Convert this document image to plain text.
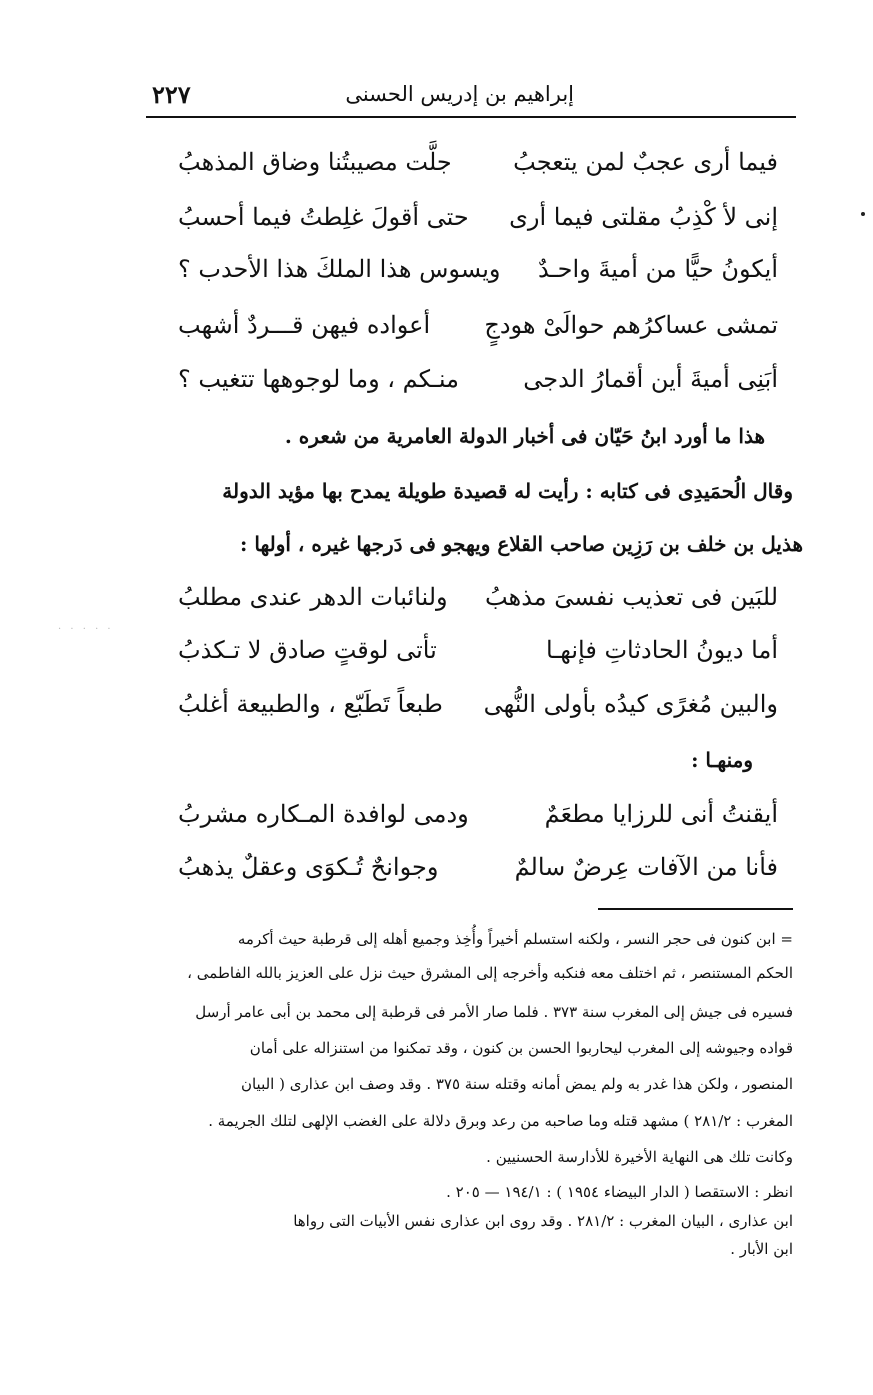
إبراهيم بن إدريس الحسنى
٢٢٧
فيما أرى عجبٌ لمن يتعجبُ
جلَّت مصيبتُنا وضاق المذهبُ
إنى لأ كْذِبُ مقلتى فيما أرى
حتى أقولَ غلِطتُ فيما أحسبُ
أيكونُ حيًّا من أميةَ واحـدٌ
ويسوس هذا الملكَ هذا الأحدب ؟
تمشى عساكرُهم حوالَىْ هودجٍ
أعواده فيهن قـــردٌ أشهب
أبَنِى أميةَ أين أقمارُ الدجى
منـكم ، وما لوجوهها تتغيب ؟
هذا ما أورد ابنُ حَيّان فى أخبار الدولة العامرية من شعره .
وقال الُحمَيدِى فى كتابه : رأيت له قصيدة طويلة يمدح بها مؤيد الدولة
هذيل بن خلف بن رَزِين صاحب القلاع ويهجو فى دَرجها غيره ، أولها :
للبَين فى تعذيب نفسىَ مذهبُ
ولنائبات الدهر عندى مطلبُ
أما ديونُ الحادثاتِ فإنهـا
تأتى لوقتٍ صادق لا تـكذبُ
والبين مُغرًى كيدُه بأولى النُّهى
طبعاً تَطَبّع ، والطبيعة أغلبُ
ومنهـا :
أيقنتُ أنى للرزايا مطعَمٌ
ودمى لوافدة المـكاره مشربُ
فأنا من الآفات عِرضٌ سالمٌ
وجوانحٌ تُـكوَى وعقلٌ يذهبُ
= ابن كنون فى حجر النسر ، ولكنه استسلم أخيراً وأُخِذ وجميع أهله إلى قرطبة حيث أكرمه
الحكم المستنصر ، ثم اختلف معه فنكبه وأخرجه إلى المشرق حيث نزل على العزيز بالله الفاطمى ،
فسيره فى جيش إلى المغرب سنة ٣٧٣ . فلما صار الأمر فى قرطبة إلى محمد بن أبى عامر أرسل
قواده وجيوشه إلى المغرب ليحاربوا الحسن بن كنون ، وقد تمكنوا من استنزاله على أمان
المنصور ، ولكن هذا غدر به ولم يمض أمانه وقتله سنة ٣٧٥ . وقد وصف ابن عذارى ( البيان
المغرب : ٢٨١/٢ ) مشهد قتله وما صاحبه من رعد وبرق دلالة على الغضب الإلهى لتلك الجريمة .
وكانت تلك هى النهاية الأخيرة للأدارسة الحسنيين .
انظر : الاستقصا ( الدار البيضاء ١٩٥٤ ) : ١٩٤/١ — ٢٠٥ .
ابن عذارى ، البيان المغرب : ٢٨١/٢ . وقد روى ابن عذارى نفس الأبيات التى رواها
ابن الأبار .
· · · · ·
